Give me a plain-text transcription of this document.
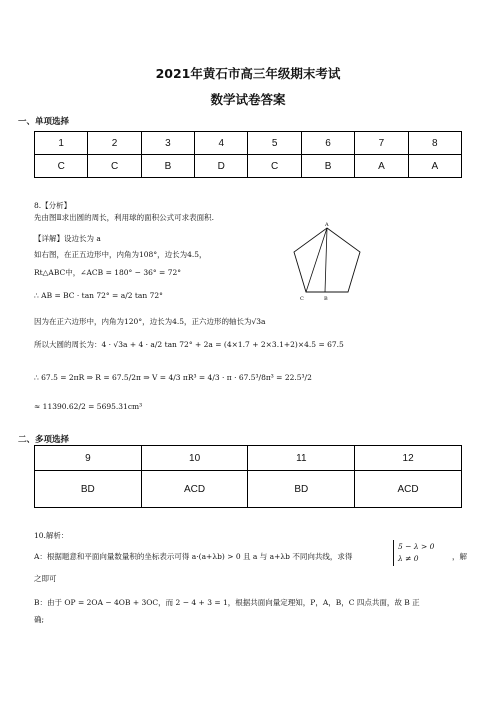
2021年黄石市高三年级期末考试
数学试卷答案
一、单项选择
1	2	3	4	5	6	7	8
C	C	B	D	C	B	A	A
8.【分析】
先由图Ⅱ求出圆的周长，利用球的面积公式可求表面积.
【详解】设边长为 a
如右图，在正五边形中，内角为108°，边长为4.5，
Rt△ABC中，∠ACB = 180° − 36° = 72°
∴ AB = BC · tan 72° = a/2 tan 72°
因为在正六边形中，内角为120°，边长为4.5，正六边形的轴长为√3a
所以大圆的周长为：4 · √3a + 4 · a/2 tan 72° + 2a = (4×1.7 + 2×3.1+2)×4.5 = 67.5
∴ 67.5 = 2πR ⇒ R = 67.5/2π ⇒ V = 4/3 πR³ = 4/3 · π · 67.5³/8π³ = 22.5³/2
≈ 11390.62/2 = 5695.31cm³
A
C	B
二、多项选择
9	10	11	12
BD	ACD	BD	ACD
10.解析：
A：根据题意和平面向量数量积的坐标表示可得 a·(a+λb) > 0 且 a 与 a+λb 不同向共线，求得
5 − λ > 0
λ ≠ 0	，解
之即可
B：由于 OP = 2OA − 4OB + 3OC，而 2 − 4 + 3 = 1，根据共面向量定理知，P，A，B，C 四点共面，故 B 正
确;
